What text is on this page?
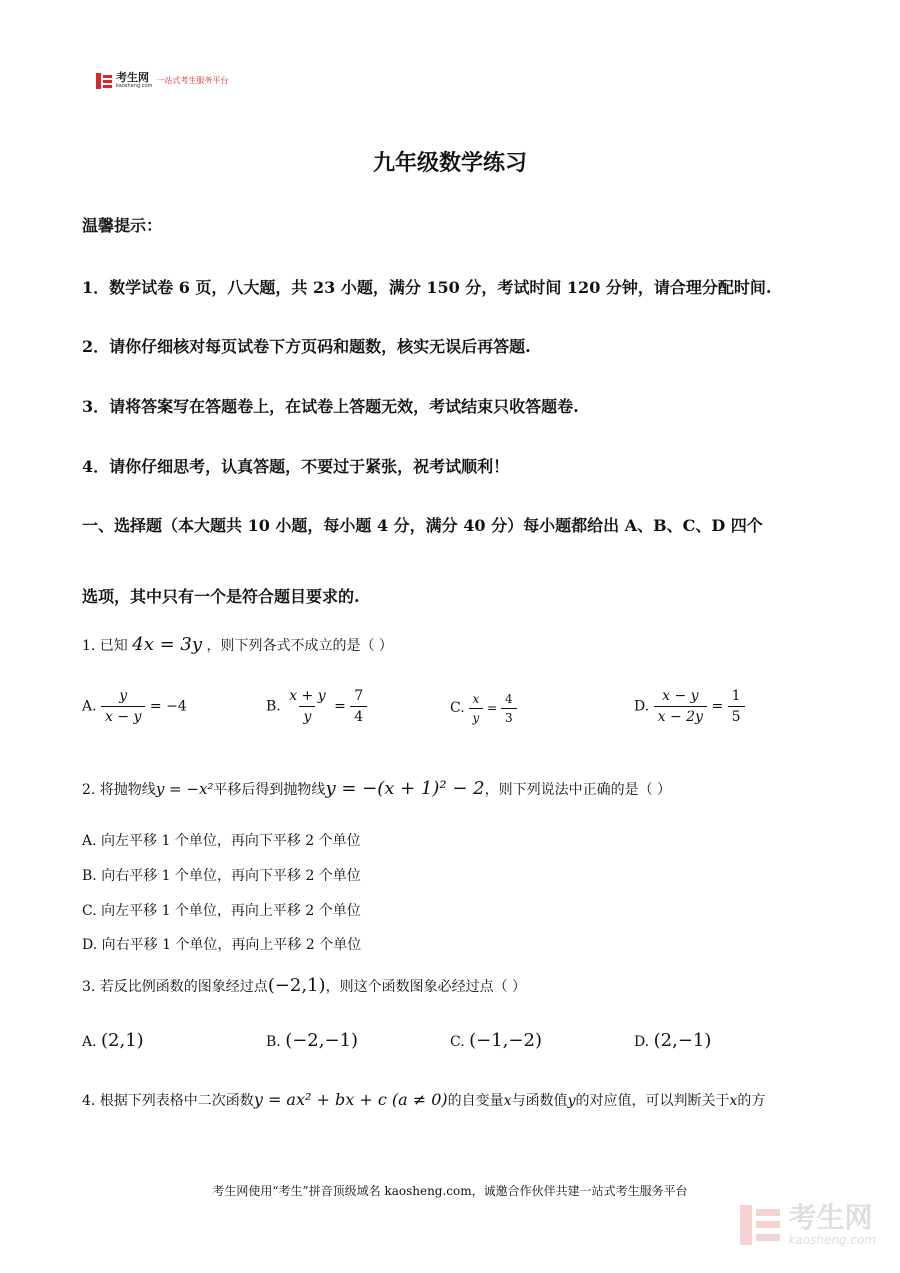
考生网
kaosheng.com
一站式考生服务平台
九年级数学练习
温馨提示：
1．数学试卷 6 页，八大题，共 23 小题，满分 150 分，考试时间 120 分钟，请合理分配时间.
2．请你仔细核对每页试卷下方页码和题数，核实无误后再答题.
3．请将答案写在答题卷上，在试卷上答题无效，考试结束只收答题卷.
4．请你仔细思考，认真答题，不要过于紧张，祝考试顺利！
一、选择题（本大题共 10 小题，每小题 4 分，满分 40 分）每小题都给出 A、B、C、D 四个
选项，其中只有一个是符合题目要求的.
1. 已知 4x = 3y ，则下列各式不成立的是（ ）
A. $\frac{y}{x - y} = -4$	B. $\frac{x + y}{y} = \frac{7}{4}$	C. $\frac{x}{y} = \frac{4}{3}$	D. $\frac{x - y}{x - 2y} = \frac{1}{5}$
2. 将抛物线y = −x²平移后得到抛物线y = −(x + 1)² − 2，则下列说法中正确的是（ ）
A. 向左平移 1 个单位，再向下平移 2 个单位
B. 向右平移 1 个单位，再向下平移 2 个单位
C. 向左平移 1 个单位，再向上平移 2 个单位
D. 向右平移 1 个单位，再向上平移 2 个单位
3. 若反比例函数的图象经过点(−2,1)，则这个函数图象必经过点（ ）
A. (2,1)	B. (−2,−1)	C. (−1,−2)	D. (2,−1)
4. 根据下列表格中二次函数y = ax² + bx + c (a ≠ 0)的自变量x与函数值y的对应值，可以判断关于x的方
考生网使用“考生”拼音顶级域名 kaosheng.com，诚邀合作伙伴共建一站式考生服务平台
考生网
kaosheng.com
